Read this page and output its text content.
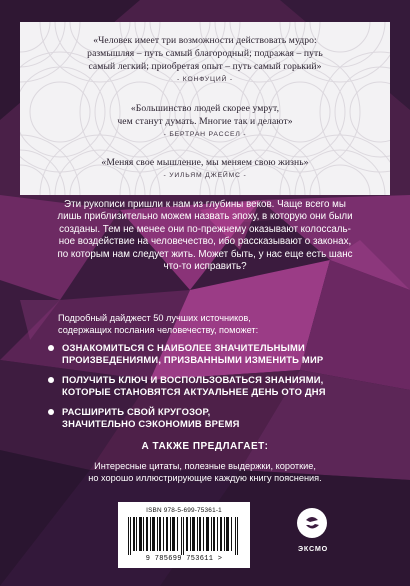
«Человек имеет три возможности действовать мудро:
размышляя – путь самый благородный; подражая – путь
самый легкий; приобретая опыт – путь самый горький»
- КОНФУЦИЙ -
«Большинство людей скорее умрут,
чем станут думать. Многие так и делают»
- БЕРТРАН РАССЕЛ -
«Меняя свое мышление, мы меняем свою жизнь»
- УИЛЬЯМ ДЖЕЙМС -
Эти рукописи пришли к нам из глубины веков. Чаще всего мы
лишь приблизительно можем назвать эпоху, в которую они были
созданы. Тем не менее они по-прежнему оказывают колоссаль-
ное воздействие на человечество, ибо рассказывают о законах,
по которым нам следует жить. Может быть, у нас еще есть шанс
что-то исправить?
Подробный дайджест 50 лучших источников,
содержащих послания человечеству, поможет:
ОЗНАКОМИТЬСЯ С НАИБОЛЕЕ ЗНАЧИТЕЛЬНЫМИ
ПРОИЗВЕДЕНИЯМИ, ПРИЗВАННЫМИ ИЗМЕНИТЬ МИР
ПОЛУЧИТЬ КЛЮЧ И ВОСПОЛЬЗОВАТЬСЯ ЗНАНИЯМИ,
КОТОРЫЕ СТАНОВЯТСЯ АКТУАЛЬНЕЕ ДЕНЬ ОТО ДНЯ
РАСШИРИТЬ СВОЙ КРУГОЗОР,
ЗНАЧИТЕЛЬНО СЭКОНОМИВ ВРЕМЯ
А ТАКЖЕ ПРЕДЛАГАЕТ:
Интересные цитаты, полезные выдержки, короткие,
но хорошо иллюстрирующие каждую книгу пояснения.
ISBN 978-5-699-75361-1
9 785699 753611 >
ЭКСМО
